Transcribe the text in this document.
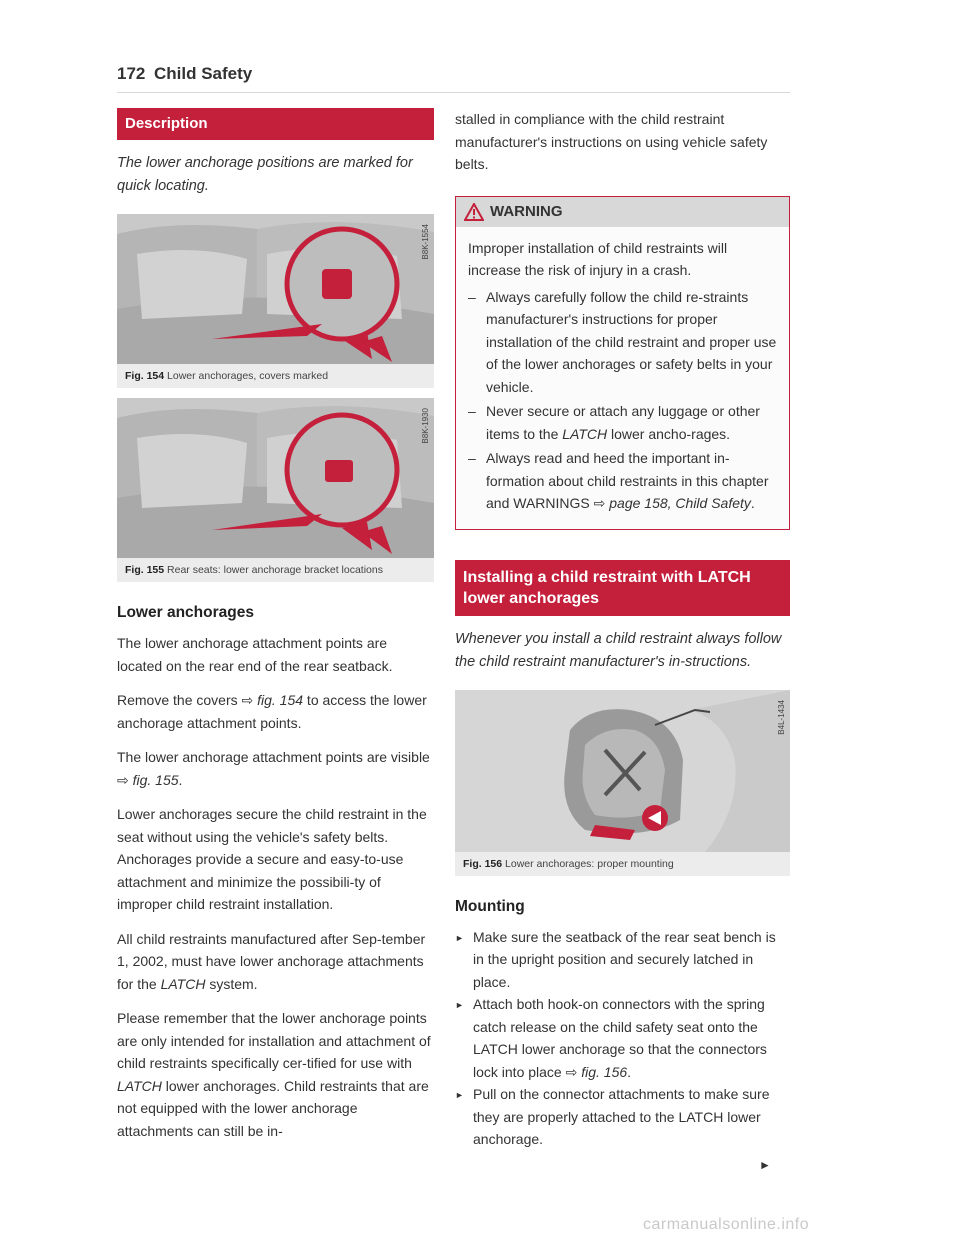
172 Child Safety
Description

The lower anchorage positions are marked for quick locating.

B8K-1554
Fig. 154 Lower anchorages, covers marked
B8K-1930
Fig. 155 Rear seats: lower anchorage bracket locations
Lower anchorages

The lower anchorage attachment points are located on the rear end of the rear seatback.

Remove the covers ⇨ fig. 154 to access the lower anchorage attachment points.

The lower anchorage attachment points are visible ⇨ fig. 155.

Lower anchorages secure the child restraint in the seat without using the vehicle's safety belts. Anchorages provide a secure and easy-to-use attachment and minimize the possibili-ty of improper child restraint installation.

All child restraints manufactured after Sep-tember 1, 2002, must have lower anchorage attachments for the LATCH system.

Please remember that the lower anchorage points are only intended for installation and attachment of child restraints specifically cer-tified for use with LATCH lower anchorages. Child restraints that are not equipped with the lower anchorage attachments can still be in-

stalled in compliance with the child restraint manufacturer's instructions on using vehicle safety belts.

WARNING

Improper installation of child restraints will increase the risk of injury in a crash.

– Always carefully follow the child re-straints manufacturer's instructions for proper installation of the child restraint and proper use of the lower anchorages or safety belts in your vehicle.
– Never secure or attach any luggage or other items to the LATCH lower ancho-rages.
– Always read and heed the important in-formation about child restraints in this chapter and WARNINGS ⇨ page 158, Child Safety.
Installing a child restraint with LATCH lower anchorages

Whenever you install a child restraint always follow the child restraint manufacturer's in-structions.

B4L-1434
Fig. 156 Lower anchorages: proper mounting
Mounting
► Make sure the seatback of the rear seat bench is in the upright position and securely latched in place.
► Attach both hook-on connectors with the spring catch release on the child safety seat onto the LATCH lower anchorage so that the connectors lock into place ⇨ fig. 156.
► Pull on the connector attachments to make sure they are properly attached to the LATCH lower anchorage.
►
carmanualsonline.info
